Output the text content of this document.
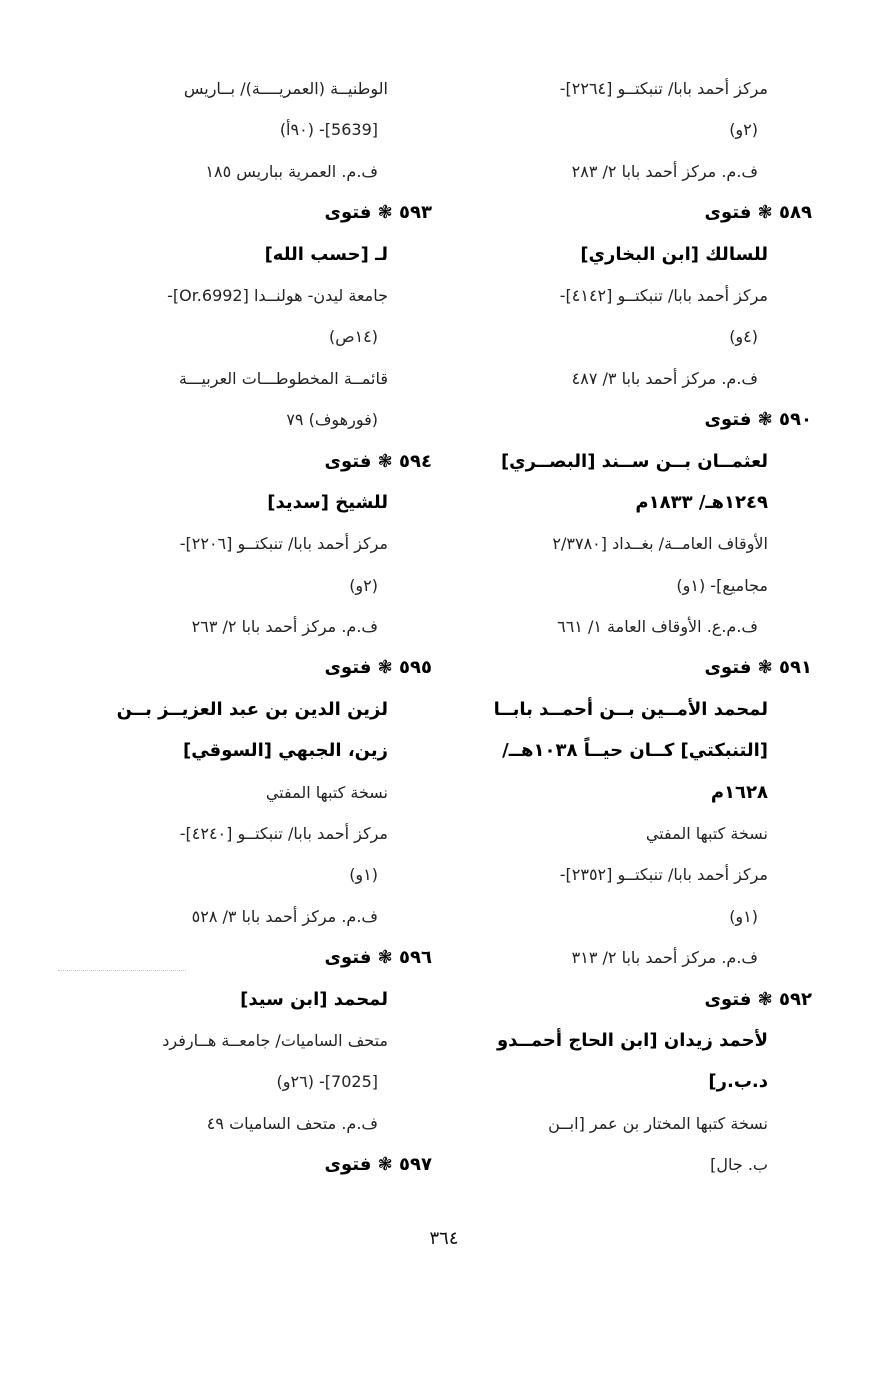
مركز أحمد بابا/ تنبكتــو [٢٢٦٤]-
(٢و)
ف.م. مركز أحمد بابا ٢/ ٢٨٣
٥٨٩ ❃ فتوى
للسالك [ابن البخاري]
مركز أحمد بابا/ تنبكتــو [٤١٤٢]-
(٤و)
ف.م. مركز أحمد بابا ٣/ ٤٨٧
٥٩٠ ❃ فتوى
لعثمــان بــن ســند [البصــري]
١٢٤٩هـ/ ١٨٣٣م
الأوقاف العامــة/ بغــداد [٢/٣٧٨٠
مجاميع]- (١و)
ف.م.ع. الأوقاف العامة ١/ ٦٦١
٥٩١ ❃ فتوى
لمحمد الأمــين بــن أحمــد بابــا
[التنبكتي] كــان حيــاً ١٠٣٨هــ/
١٦٢٨م
نسخة كتبها المفتي
مركز أحمد بابا/ تنبكتــو [٢٣٥٢]-
(١و)
ف.م. مركز أحمد بابا ٢/ ٣١٣
٥٩٢ ❃ فتوى
لأحمد زيدان [ابن الحاج أحمــدو
د.ب.ر]
نسخة كتبها المختار بن عمر [ابــن
ب. جال]
الوطنيــة (العمريــــة)/ بــاريس
[5639]- (٩٠أ)
ف.م. العمرية بباريس ١٨٥
٥٩٣ ❃ فتوى
لـ [حسب الله]
جامعة ليدن- هولنــدا [Or.6992]-
(١٤ص)
قائمــة المخطوطـــات العربيـــة
(فورهوف) ٧٩
٥٩٤ ❃ فتوى
للشيخ [سديد]
مركز أحمد بابا/ تنبكتــو [٢٢٠٦]-
(٢و)
ف.م. مركز أحمد بابا ٢/ ٢٦٣
٥٩٥ ❃ فتوى
لزين الدين بن عبد العزيــز بــن
زين، الجبهي [السوقي]
نسخة كتبها المفتي
مركز أحمد بابا/ تنبكتــو [٤٢٤٠]-
(١و)
ف.م. مركز أحمد بابا ٣/ ٥٢٨
٥٩٦ ❃ فتوى
لمحمد [ابن سيد]
متحف الساميات/ جامعــة هــارفرد
[7025]- (٢٦و)
ف.م. متحف الساميات ٤٩
٥٩٧ ❃ فتوى
٣٦٤
